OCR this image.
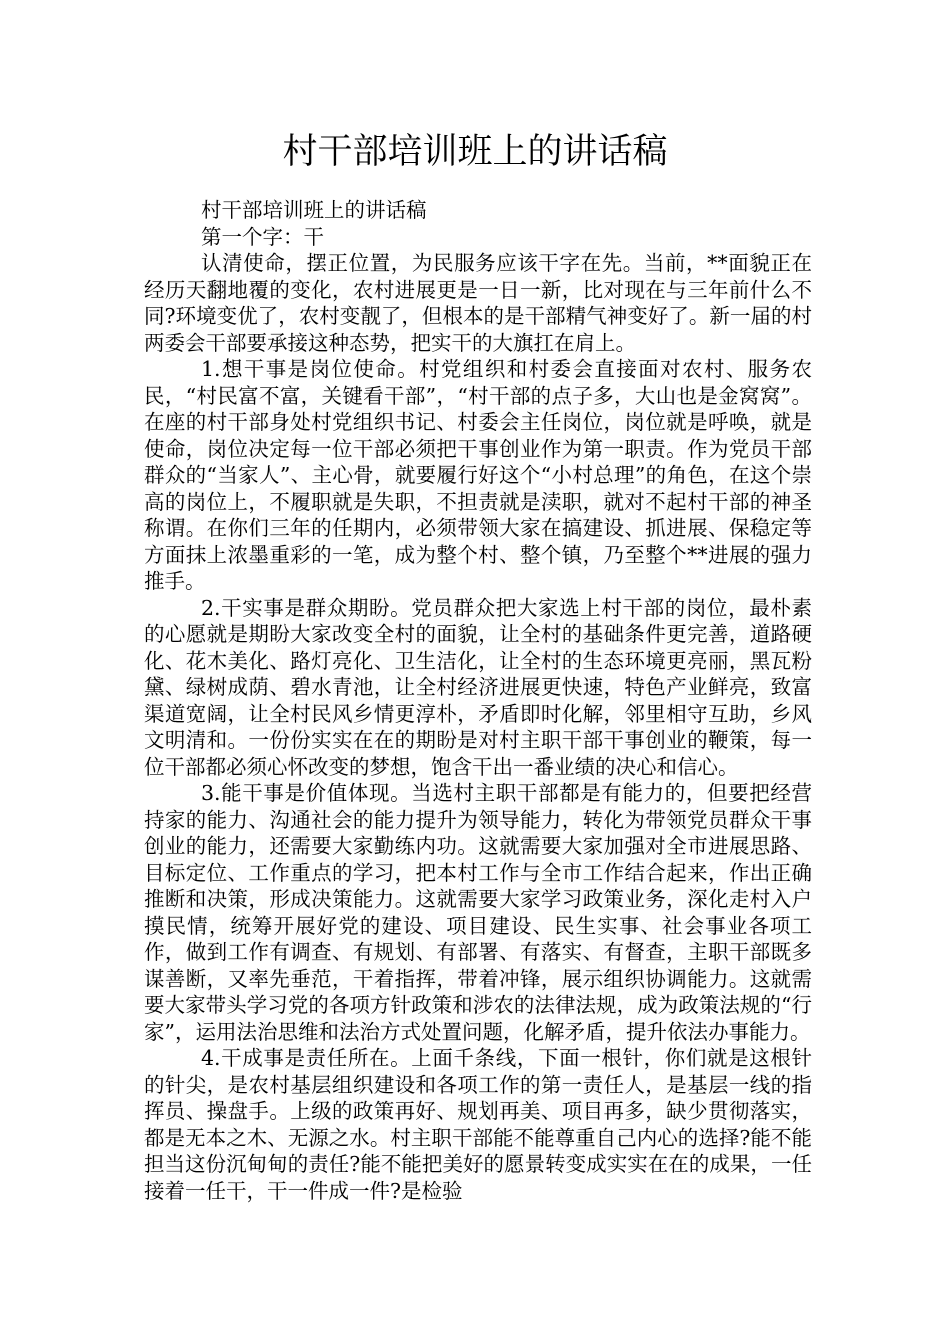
村干部培训班上的讲话稿

村干部培训班上的讲话稿

第一个字：干

认清使命，摆正位置，为民服务应该干字在先。当前，**面貌正在经历天翻地覆的变化，农村进展更是一日一新，比对现在与三年前什么不同?环境变优了，农村变靓了，但根本的是干部精气神变好了。新一届的村两委会干部要承接这种态势，把实干的大旗扛在肩上。

1.想干事是岗位使命。村党组织和村委会直接面对农村、服务农民，“村民富不富，关键看干部”，“村干部的点子多，大山也是金窝窝”。在座的村干部身处村党组织书记、村委会主任岗位，岗位就是呼唤，就是使命，岗位决定每一位干部必须把干事创业作为第一职责。作为党员干部群众的“当家人”、主心骨，就要履行好这个“小村总理”的角色，在这个崇高的岗位上，不履职就是失职，不担责就是渎职，就对不起村干部的神圣称谓。在你们三年的任期内，必须带领大家在搞建设、抓进展、保稳定等方面抹上浓墨重彩的一笔，成为整个村、整个镇，乃至整个**进展的强力推手。

2.干实事是群众期盼。党员群众把大家选上村干部的岗位，最朴素的心愿就是期盼大家改变全村的面貌，让全村的基础条件更完善，道路硬化、花木美化、路灯亮化、卫生洁化，让全村的生态环境更亮丽，黑瓦粉黛、绿树成荫、碧水青池，让全村经济进展更快速，特色产业鲜亮，致富渠道宽阔，让全村民风乡情更淳朴，矛盾即时化解，邻里相守互助，乡风文明清和。一份份实实在在的期盼是对村主职干部干事创业的鞭策，每一位干部都必须心怀改变的梦想，饱含干出一番业绩的决心和信心。

3.能干事是价值体现。当选村主职干部都是有能力的，但要把经营持家的能力、沟通社会的能力提升为领导能力，转化为带领党员群众干事创业的能力，还需要大家勤练内功。这就需要大家加强对全市进展思路、目标定位、工作重点的学习，把本村工作与全市工作结合起来，作出正确推断和决策，形成决策能力。这就需要大家学习政策业务，深化走村入户摸民情，统筹开展好党的建设、项目建设、民生实事、社会事业各项工作，做到工作有调查、有规划、有部署、有落实、有督查，主职干部既多谋善断，又率先垂范，干着指挥，带着冲锋，展示组织协调能力。这就需要大家带头学习党的各项方针政策和涉农的法律法规，成为政策法规的“行家”，运用法治思维和法治方式处置问题，化解矛盾，提升依法办事能力。

4.干成事是责任所在。上面千条线，下面一根针，你们就是这根针的针尖，是农村基层组织建设和各项工作的第一责任人，是基层一线的指挥员、操盘手。上级的政策再好、规划再美、项目再多，缺少贯彻落实，都是无本之木、无源之水。村主职干部能不能尊重自己内心的选择?能不能担当这份沉甸甸的责任?能不能把美好的愿景转变成实实在在的成果，一任接着一任干，干一件成一件?是检验
